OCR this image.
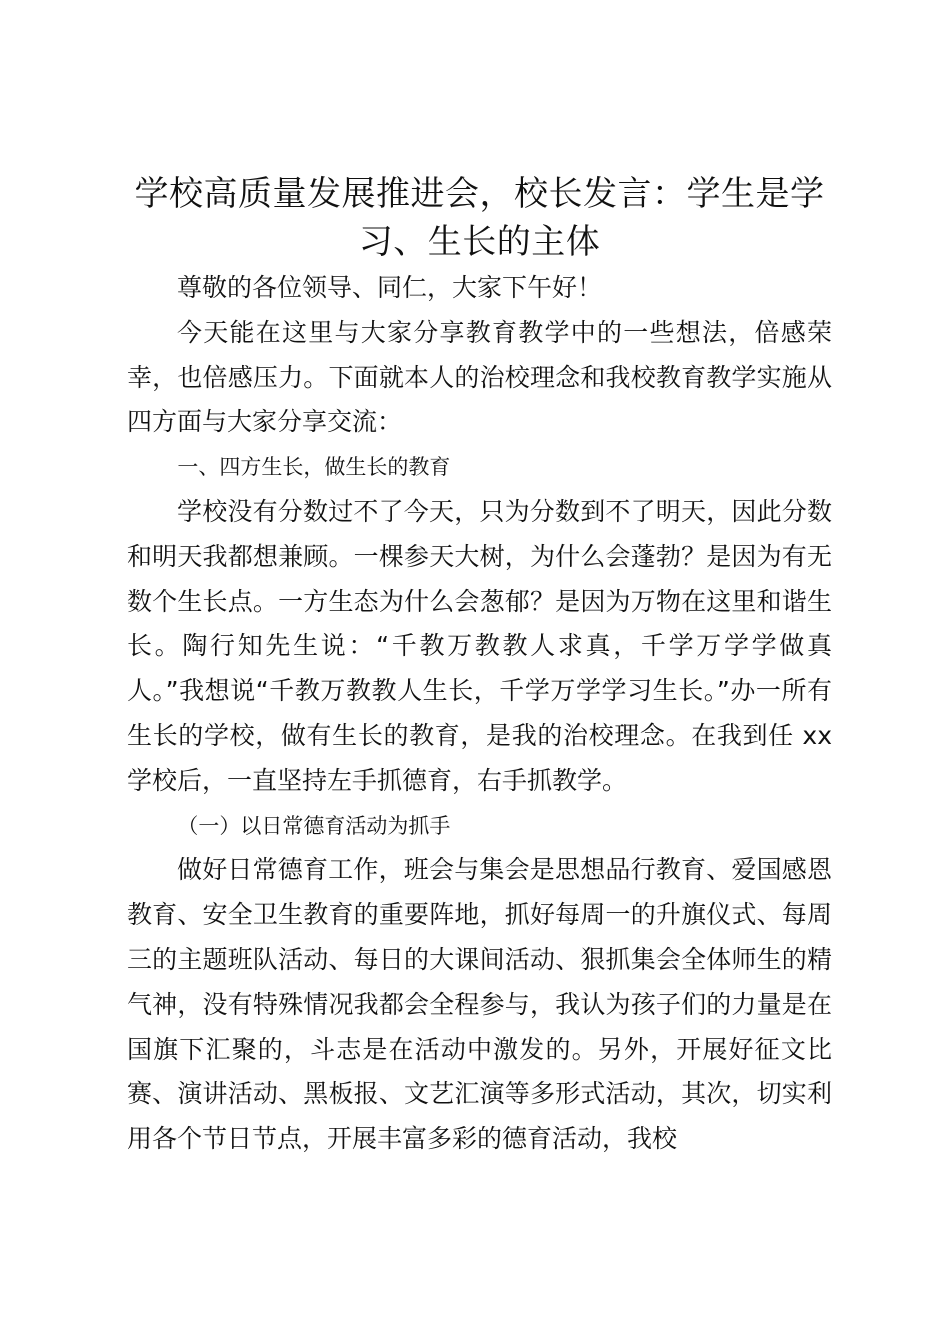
学校高质量发展推进会，校长发言：学生是学习、生长的主体

尊敬的各位领导、同仁，大家下午好！

今天能在这里与大家分享教育教学中的一些想法，倍感荣幸，也倍感压力。下面就本人的治校理念和我校教育教学实施从四方面与大家分享交流：

一、四方生长，做生长的教育

学校没有分数过不了今天，只为分数到不了明天，因此分数和明天我都想兼顾。一棵参天大树，为什么会蓬勃？是因为有无数个生长点。一方生态为什么会葱郁？是因为万物在这里和谐生长。陶行知先生说：“千教万教教人求真，千学万学学做真人。”我想说“千教万教教人生长，千学万学学习生长。”办一所有生长的学校，做有生长的教育，是我的治校理念。在我到任 xx 学校后，一直坚持左手抓德育，右手抓教学。

（一）以日常德育活动为抓手

做好日常德育工作，班会与集会是思想品行教育、爱国感恩教育、安全卫生教育的重要阵地，抓好每周一的升旗仪式、每周三的主题班队活动、每日的大课间活动、狠抓集会全体师生的精气神，没有特殊情况我都会全程参与，我认为孩子们的力量是在国旗下汇聚的，斗志是在活动中激发的。另外，开展好征文比赛、演讲活动、黑板报、文艺汇演等多形式活动，其次，切实利用各个节日节点，开展丰富多彩的德育活动，我校
